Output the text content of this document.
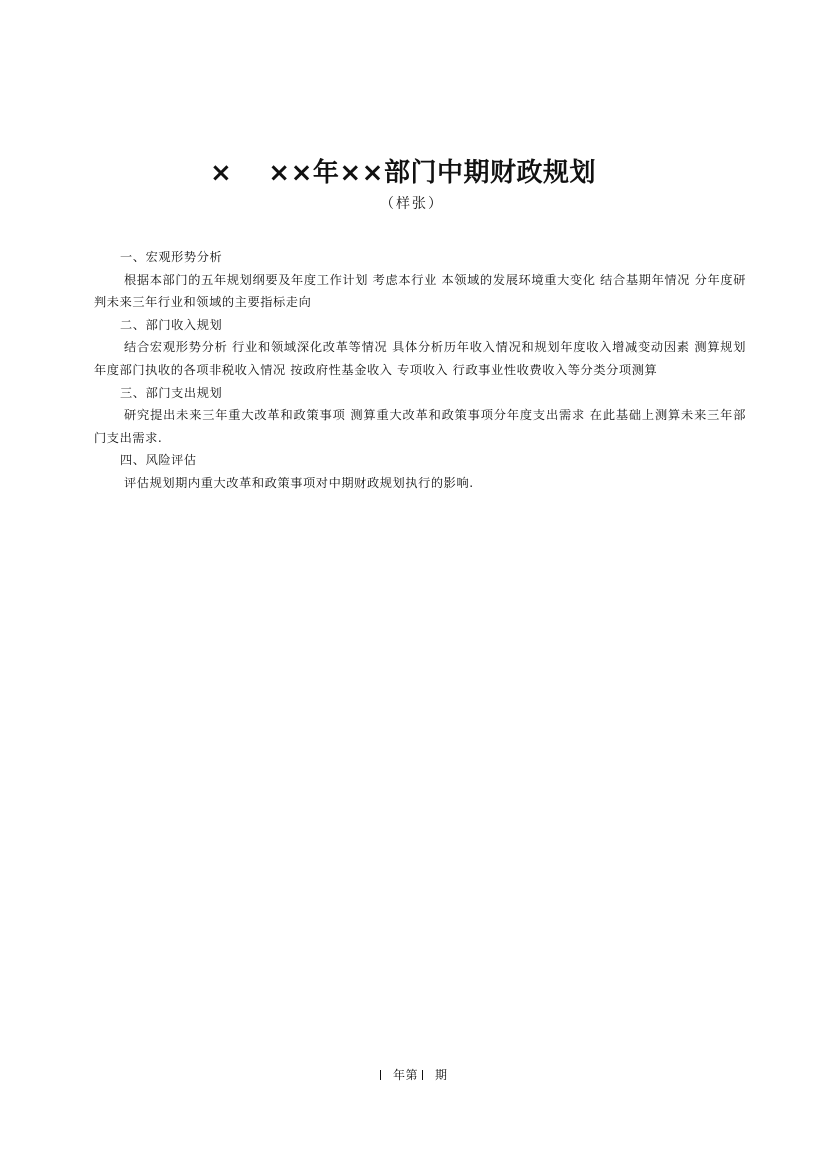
× ××年××部门中期财政规划
（样张）

一、宏观形势分析

根据本部门的五年规划纲要及年度工作计划 考虑本行业 本领域的发展环境重大变化 结合基期年情况 分年度研判未来三年行业和领域的主要指标走向

二、部门收入规划

结合宏观形势分析 行业和领域深化改革等情况 具体分析历年收入情况和规划年度收入增减变动因素 测算规划年度部门执收的各项非税收入情况 按政府性基金收入 专项收入 行政事业性收费收入等分类分项测算

三、部门支出规划

研究提出未来三年重大改革和政策事项 测算重大改革和政策事项分年度支出需求 在此基础上测算未来三年部门支出需求.

四、风险评估

评估规划期内重大改革和政策事项对中期财政规划执行的影响.

年第 期
